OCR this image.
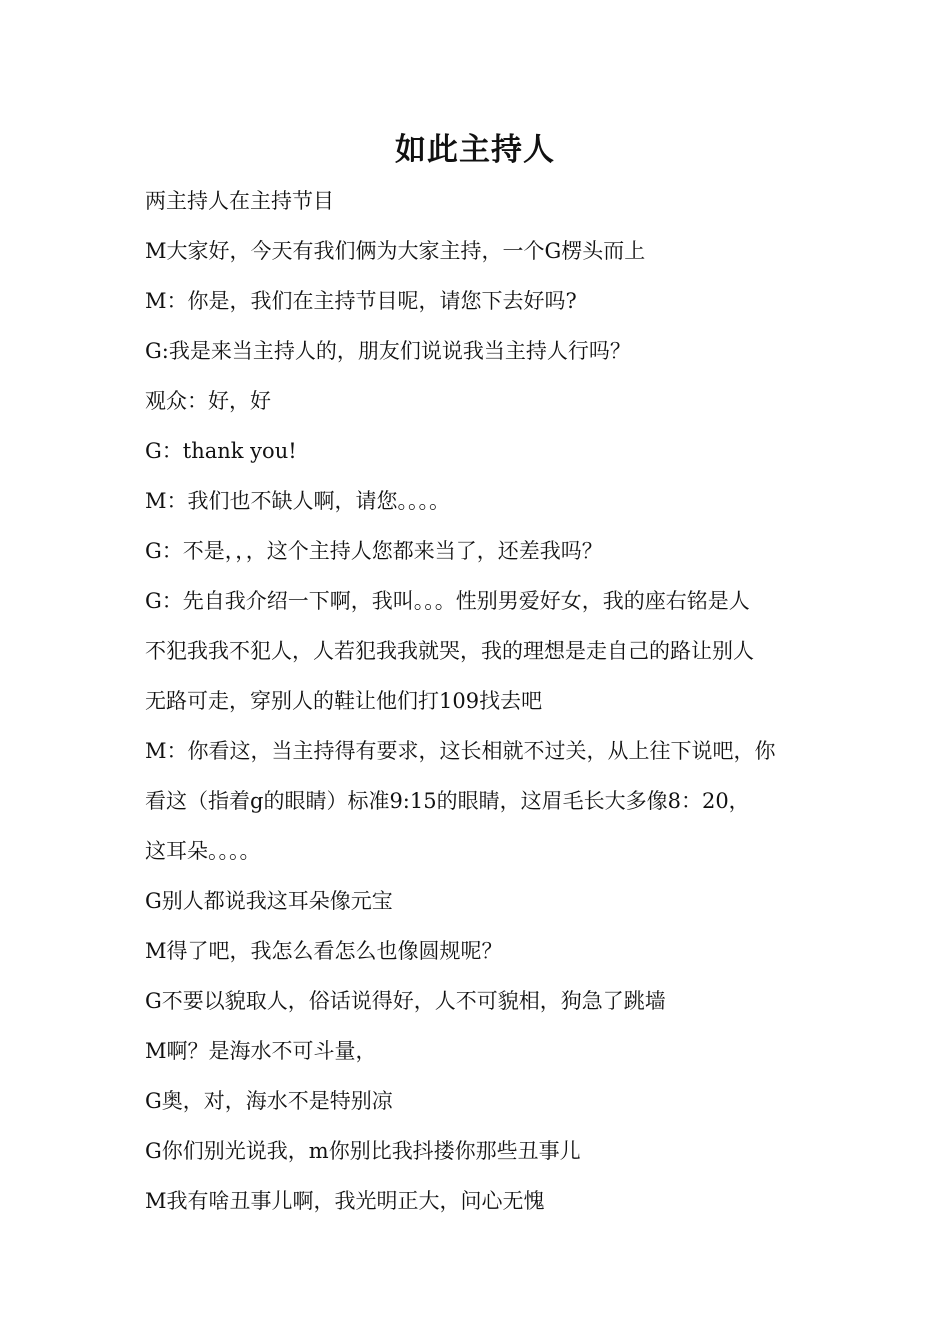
如此主持人
两主持人在主持节目
M大家好，今天有我们俩为大家主持，一个G楞头而上
M：你是，我们在主持节目呢，请您下去好吗?
G:我是来当主持人的，朋友们说说我当主持人行吗？
观众：好，好
G：thank you!
M：我们也不缺人啊，请您。。。。
G：不是，，，这个主持人您都来当了，还差我吗？
G：先自我介绍一下啊，我叫。。。性别男爱好女，我的座右铭是人
不犯我我不犯人，人若犯我我就哭，我的理想是走自己的路让别人
无路可走，穿别人的鞋让他们打109找去吧
M：你看这，当主持得有要求，这长相就不过关，从上往下说吧，你
看这（指着g的眼睛）标准9:15的眼睛，这眉毛长大多像8：20，
这耳朵。。。。
G别人都说我这耳朵像元宝
M得了吧，我怎么看怎么也像圆规呢？
G不要以貌取人，俗话说得好，人不可貌相，狗急了跳墙
M啊？是海水不可斗量，
G奥，对，海水不是特别凉
G你们别光说我，m你别比我抖搂你那些丑事儿
M我有啥丑事儿啊，我光明正大，问心无愧
